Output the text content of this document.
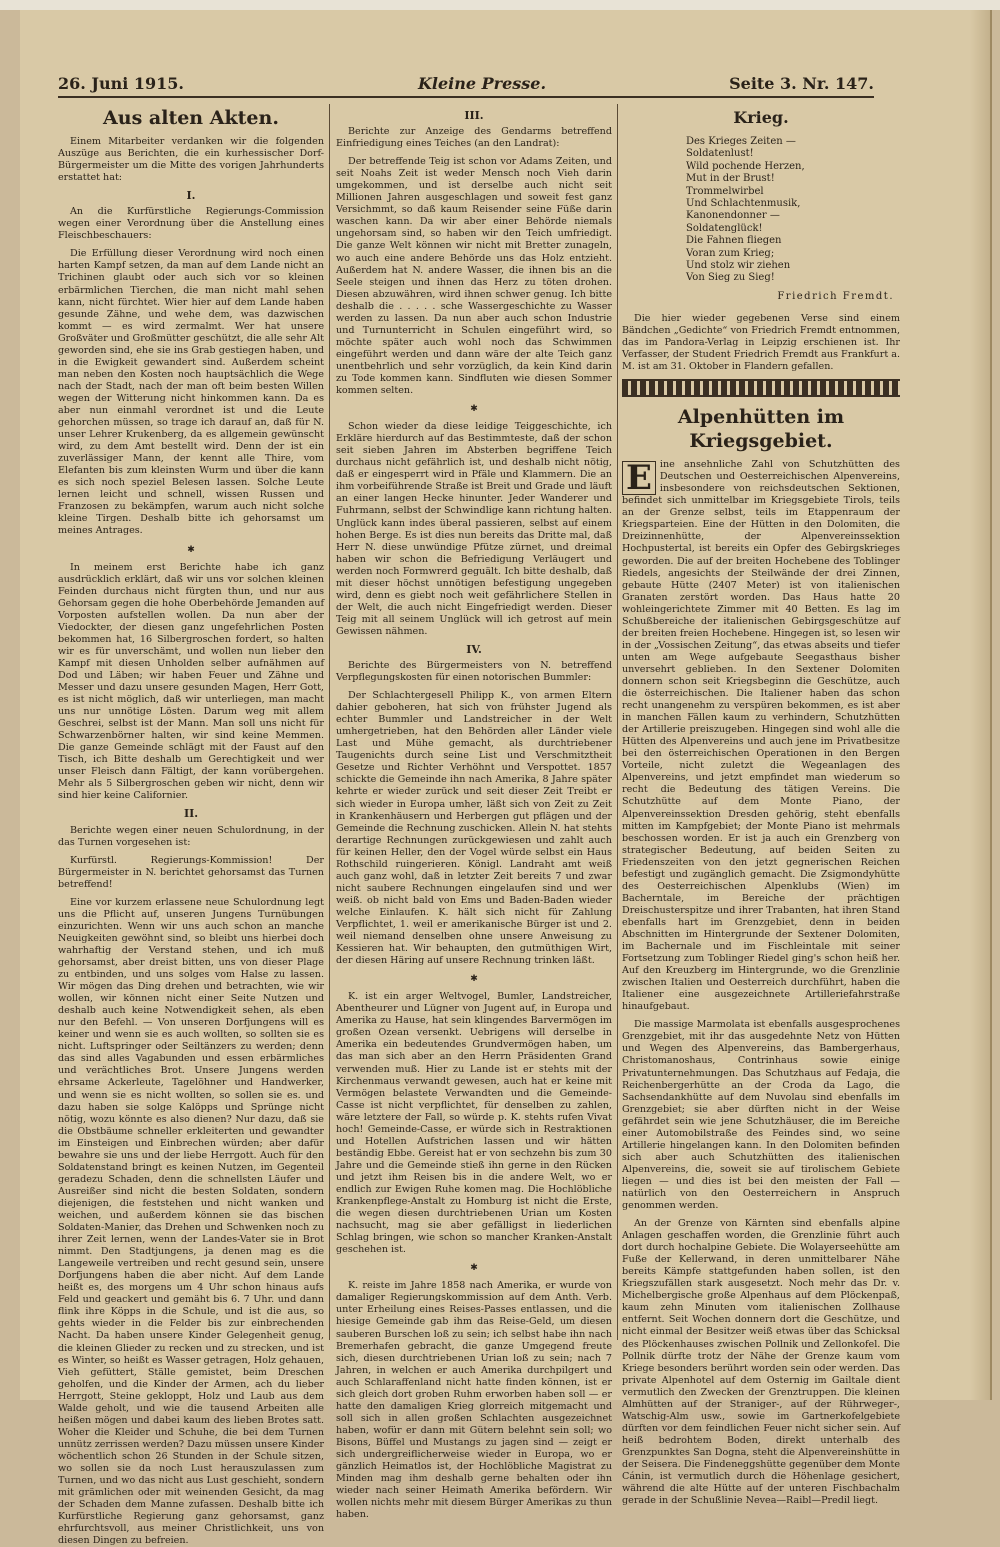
26. Juni 1915.	Kleine Presse.	Seite 3. Nr. 147.
Aus alten Akten.

Einem Mitarbeiter verdanken wir die folgenden Auszüge aus Berichten, die ein kurhessischer Dorf-Bürgermeister um die Mitte des vorigen Jahrhunderts erstattet hat:

I.

An die Kurfürstliche Regierungs-Commission wegen einer Verordnung über die Anstellung eines Fleischbeschauers:

Die Erfüllung dieser Verordnung wird noch einen harten Kampf setzen, da man auf dem Lande nicht an Trichinen glaubt oder auch sich vor so kleinen erbärmlichen Tierchen, die man nicht mahl sehen kann, nicht fürchtet. Wier hier auf dem Lande haben gesunde Zähne, und wehe dem, was dazwischen kommt — es wird zermalmt. Wer hat unsere Großväter und Großmütter geschützt, die alle sehr Alt geworden sind, ehe sie ins Grab gestiegen haben, und in die Ewigkeit gewandert sind. Außerdem scheint man neben den Kosten noch hauptsächlich die Wege nach der Stadt, nach der man oft beim besten Willen wegen der Witterung nicht hinkommen kann. Da es aber nun einmahl verordnet ist und die Leute gehorchen müssen, so trage ich darauf an, daß für N. unser Lehrer Krukenberg, da es allgemein gewünscht wird, zu dem Amt bestellt wird. Denn der ist ein zuverlässiger Mann, der kennt alle Thire, vom Elefanten bis zum kleinsten Wurm und über die kann es sich noch speziel Belesen lassen. Solche Leute lernen leicht und schnell, wissen Russen und Franzosen zu bekämpfen, warum auch nicht solche kleine Tirgen. Deshalb bitte ich gehorsamst um meines Antrages.

✱

In meinem erst Berichte habe ich ganz ausdrücklich erklärt, daß wir uns vor solchen kleinen Feinden durchaus nicht fürgten thun, und nur aus Gehorsam gegen die hohe Oberbehörde Jemanden auf Vorposten aufstellen wollen. Da nun aber der Viedockter, der diesen ganz ungefehrlichen Posten bekommen hat, 16 Silbergroschen fordert, so halten wir es für unverschämt, und wollen nun lieber den Kampf mit diesen Unholden selber aufnähmen auf Dod und Läben; wir haben Feuer und Zähne und Messer und dazu unsere gesunden Magen, Herr Gott, es ist nicht möglich, daß wir unterliegen, man macht uns nur unnötige Lösten. Darum weg mit allem Geschrei, selbst ist der Mann. Man soll uns nicht für Schwarzenbörner halten, wir sind keine Memmen. Die ganze Gemeinde schlägt mit der Faust auf den Tisch, ich Bitte deshalb um Gerechtigkeit und wer unser Fleisch dann Fältigt, der kann vorübergehen. Mehr als 5 Silbergroschen geben wir nicht, denn wir sind hier keine Californier.

II.

Berichte wegen einer neuen Schulordnung, in der das Turnen vorgesehen ist:

Kurfürstl. Regierungs-Kommission! Der Bürgermeister in N. berichtet gehorsamst das Turnen betreffend!

Eine vor kurzem erlassene neue Schulordnung legt uns die Pflicht auf, unseren Jungens Turnübungen einzurichten. Wenn wir uns auch schon an manche Neuigkeiten gewöhnt sind, so bleibt uns hierbei doch wahrhaftig der Verstand stehen, und ich muß gehorsamst, aber dreist bitten, uns von dieser Plage zu entbinden, und uns solges vom Halse zu lassen. Wir mögen das Ding drehen und betrachten, wie wir wollen, wir können nicht einer Seite Nutzen und deshalb auch keine Notwendigkeit sehen, als eben nur den Befehl. — Von unseren Dorfjungens will es keiner und wenn sie es auch wollten, so sollten sie es nicht. Luftspringer oder Seiltänzers zu werden; denn das sind alles Vagabunden und essen erbärmliches und verächtliches Brot. Unsere Jungens werden ehrsame Ackerleute, Tagelöhner und Handwerker, und wenn sie es nicht wollten, so sollen sie es. und dazu haben sie solge Kalöpps und Sprünge nicht nötig, wozu könnte es also dienen? Nur dazu, daß sie die Obstbäume schneller erkleiterten und gewandter im Einsteigen und Einbrechen würden; aber dafür bewahre sie uns und der liebe Herrgott. Auch für den Soldatenstand bringt es keinen Nutzen, im Gegenteil geradezu Schaden, denn die schnellsten Läufer und Ausreißer sind nicht die besten Soldaten, sondern diejenigen, die feststehen und nicht wanken und weichen, und außerdem können sie das bischen Soldaten-Manier, das Drehen und Schwenken noch zu ihrer Zeit lernen, wenn der Landes-Vater sie in Brot nimmt. Den Stadtjungens, ja denen mag es die Langeweile vertreiben und recht gesund sein, unsere Dorfjungens haben die aber nicht. Auf dem Lande heißt es, des morgens um 4 Uhr schon hinaus aufs Feld und geackert und gemäht bis 6. 7 Uhr. und dann flink ihre Köpps in die Schule, und ist die aus, so gehts wieder in die Felder bis zur einbrechenden Nacht. Da haben unsere Kinder Gelegenheit genug, die kleinen Glieder zu recken und zu strecken, und ist es Winter, so heißt es Wasser getragen, Holz gehauen, Vieh gefüttert, Ställe gemistet, beim Dreschen geholfen, und die Kinder der Armen, ach du lieber Herrgott, Steine gekloppt, Holz und Laub aus dem Walde geholt, und wie die tausend Arbeiten alle heißen mögen und dabei kaum des lieben Brotes satt. Woher die Kleider und Schuhe, die bei dem Turnen unnütz zerrissen werden? Dazu müssen unsere Kinder wöchentlich schon 26 Stunden in der Schule sitzen, wo sollen sie da noch Lust herauszulassen zum Turnen, und wo das nicht aus Lust geschieht, sondern mit grämlichen oder mit weinenden Gesicht, da mag der Schaden dem Manne zufassen. Deshalb bitte ich Kurfürstliche Regierung ganz gehorsamst, ganz ehrfurchtsvoll, aus meiner Christlichkeit, uns von diesen Dingen zu befreien.

III.

Berichte zur Anzeige des Gendarms betreffend Einfriedigung eines Teiches (an den Landrat):

Der betreffende Teig ist schon vor Adams Zeiten, und seit Noahs Zeit ist weder Mensch noch Vieh darin umgekommen, und ist derselbe auch nicht seit Millionen Jahren ausgeschlagen und soweit fest ganz Versichmmt, so daß kaum Reisender seine Füße darin waschen kann. Da wir aber einer Behörde niemals ungehorsam sind, so haben wir den Teich umfriedigt. Die ganze Welt können wir nicht mit Bretter zunageln, wo auch eine andere Behörde uns das Holz entzieht. Außerdem hat N. andere Wasser, die ihnen bis an die Seele steigen und ihnen das Herz zu töten drohen. Diesen abzuwähren, wird ihnen schwer genug. Ich bitte deshalb die . . . . . sche Wassergeschichte zu Wasser werden zu lassen. Da nun aber auch schon Industrie und Turnunterricht in Schulen eingeführt wird, so möchte später auch wohl noch das Schwimmen eingeführt werden und dann wäre der alte Teich ganz unentbehrlich und sehr vorzüglich, da kein Kind darin zu Tode kommen kann. Sindfluten wie diesen Sommer kommen selten.

✱

Schon wieder da diese leidige Teiggeschichte, ich Erkläre hierdurch auf das Bestimmteste, daß der schon seit sieben Jahren im Absterben begriffene Teich durchaus nicht gefährlich ist, und deshalb nicht nötig, daß er eingesperrt wird in Pfäle und Klammern. Die an ihm vorbeiführende Straße ist Breit und Grade und läuft an einer langen Hecke hinunter. Jeder Wanderer und Fuhrmann, selbst der Schwindlige kann richtung halten. Unglück kann indes überal passieren, selbst auf einem hohen Berge. Es ist dies nun bereits das Dritte mal, daß Herr N. diese unwündige Pfütze zürnet, und dreimal haben wir schon die Befriedigung Verläugert und werden noch Formwrerd geguält. Ich bitte deshalb, daß mit dieser höchst unnötigen befestigung ungegeben wird, denn es giebt noch weit gefährlichere Stellen in der Welt, die auch nicht Eingefriedigt werden. Dieser Teig mit all seinem Unglück will ich getrost auf mein Gewissen nähmen.

IV.

Berichte des Bürgermeisters von N. betreffend Verpflegungskosten für einen notorischen Bummler:

Der Schlachtergesell Philipp K., von armen Eltern dahier geboheren, hat sich von frühster Jugend als echter Bummler und Landstreicher in der Welt umhergetrieben, hat den Behörden aller Länder viele Last und Mühe gemacht, als durchtriebener Taugenichts durch seine List und Verschmitztheit Gesetze und Richter Verhöhnt und Verspottet. 1857 schickte die Gemeinde ihn nach Amerika, 8 Jahre später kehrte er wieder zurück und seit dieser Zeit Treibt er sich wieder in Europa umher, läßt sich von Zeit zu Zeit in Krankenhäusern und Herbergen gut pflägen und der Gemeinde die Rechnung zuschicken. Allein N. hat stehts derartige Rechnungen zurückgewiesen und zahlt auch für keinen Heller, den der Vogel würde selbst ein Haus Rothschild ruingerieren. Königl. Landraht amt weiß auch ganz wohl, daß in letzter Zeit bereits 7 und zwar nicht saubere Rechnungen eingelaufen sind und wer weiß. ob nicht bald von Ems und Baden-Baden wieder welche Einlaufen. K. hält sich nicht für Zahlung Verpflichtet, 1. weil er amerikanische Bürger ist und 2. weil niemand denselben ohne unsere Anweisung zu Kessieren hat. Wir behaupten, den gutmüthigen Wirt, der diesen Häring auf unsere Rechnung trinken läßt.

✱

K. ist ein arger Weltvogel, Bumler, Landstreicher, Abentheurer und Lügner von Jugent auf, in Europa und Amerika zu Hause, hat sein klingendes Barvermögen im großen Ozean versenkt. Uebrigens will derselbe in Amerika ein bedeutendes Grundvermögen haben, um das man sich aber an den Herrn Präsidenten Grand verwenden muß. Hier zu Lande ist er stehts mit der Kirchenmaus verwandt gewesen, auch hat er keine mit Vermögen belastete Verwandten und die Gemeinde-Casse ist nicht verpflichtet, für denselben zu zahlen, wäre letztere der Fall, so würde p. K. stehts rufen Vivat hoch! Gemeinde-Casse, er würde sich in Restraktionen und Hotellen Aufstrichen lassen und wir hätten beständig Ebbe. Gereist hat er von sechzehn bis zum 30 Jahre und die Gemeinde stieß ihn gerne in den Rücken und jetzt ihm Reisen bis in die andere Welt, wo er endlich zur Ewigen Ruhe komen mag. Die Hochlöbliche Krankenpflege-Anstalt zu Homburg ist nicht die Erste, die wegen diesen durchtriebenen Urian um Kosten nachsucht, mag sie aber gefälligst in liederlichen Schlag bringen, wie schon so mancher Kranken-Anstalt geschehen ist.

✱

K. reiste im Jahre 1858 nach Amerika, er wurde von damaliger Regierungskommission auf dem Anth. Verb. unter Erheilung eines Reises-Passes entlassen, und die hiesige Gemeinde gab ihm das Reise-Geld, um diesen sauberen Burschen loß zu sein; ich selbst habe ihn nach Bremerhafen gebracht, die ganze Umgegend freute sich, diesen durchtriebenen Urian loß zu sein; nach 7 Jahren, in welchen er auch Amerika durchpilgert und auch Schlaraffenland nicht hatte finden können, ist er sich gleich dort groben Ruhm erworben haben soll — er hatte den damaligen Krieg glorreich mitgemacht und soll sich in allen großen Schlachten ausgezeichnet haben, wofür er dann mit Gütern belehnt sein soll; wo Bisons, Büffel und Mustangs zu jagen sind — zeigt er sich undergreiflicherweise wieder in Europa, wo er gänzlich Heimatlos ist, der Hochlöbliche Magistrat zu Minden mag ihm deshalb gerne behalten oder ihn wieder nach seiner Heimath Amerika befördern. Wir wollen nichts mehr mit diesem Bürger Amerikas zu thun haben.

Krieg.
Des Krieges Zeiten —
Soldatenlust!
Wild pochende Herzen,
Mut in der Brust!
Trommelwirbel
Und Schlachtenmusik,
Kanonendonner —
Soldatenglück!
Die Fahnen fliegen
Voran zum Krieg;
Und stolz wir ziehen
Von Sieg zu Sieg!
Friedrich Fremdt.

Die hier wieder gegebenen Verse sind einem Bändchen „Gedichte“ von Friedrich Fremdt entnommen, das im Pandora-Verlag in Leipzig erschienen ist. Ihr Verfasser, der Student Friedrich Fremdt aus Frankfurt a. M. ist am 31. Oktober in Flandern gefallen.

Alpenhütten im Kriegsgebiet.

E ine ansehnliche Zahl von Schutzhütten des Deutschen und Oesterreichischen Alpenvereins, insbesondere von reichsdeutschen Sektionen, befindet sich unmittelbar im Kriegsgebiete Tirols, teils an der Grenze selbst, teils im Etappenraum der Kriegsparteien. Eine der Hütten in den Dolomiten, die Dreizinnenhütte, der Alpenvereinssektion Hochpustertal, ist bereits ein Opfer des Gebirgskrieges geworden. Die auf der breiten Hochebene des Toblinger Riedels, angesichts der Steilwände der drei Zinnen, gebaute Hütte (2407 Meter) ist von italienischen Granaten zerstört worden. Das Haus hatte 20 wohleingerichtete Zimmer mit 40 Betten. Es lag im Schußbereiche der italienischen Gebirgsgeschütze auf der breiten freien Hochebene. Hingegen ist, so lesen wir in der „Vossischen Zeitung“, das etwas abseits und tiefer unten am Wege aufgebaute Seegasthaus bisher unversehrt geblieben. In den Sextener Dolomiten donnern schon seit Kriegsbeginn die Geschütze, auch die österreichischen. Die Italiener haben das schon recht unangenehm zu verspüren bekommen, es ist aber in manchen Fällen kaum zu verhindern, Schutzhütten der Artillerie preiszugeben. Hingegen sind wohl alle die Hütten des Alpenvereins und auch jene im Privatbesitze bei den österreichischen Operationen in den Bergen Vorteile, nicht zuletzt die Wegeanlagen des Alpenvereins, und jetzt empfindet man wiederum so recht die Bedeutung des tätigen Vereins. Die Schutzhütte auf dem Monte Piano, der Alpenvereinssektion Dresden gehörig, steht ebenfalls mitten im Kampfgebiet; der Monte Piano ist mehrmals beschossen worden. Er ist ja auch ein Grenzberg von strategischer Bedeutung, auf beiden Seiten zu Friedenszeiten von den jetzt gegnerischen Reichen befestigt und zugänglich gemacht. Die Zsigmondyhütte des Oesterreichischen Alpenklubs (Wien) im Bacherntale, im Bereiche der prächtigen Dreischusterspitze und ihrer Trabanten, hat ihren Stand ebenfalls hart im Grenzgebiet, denn in beiden Abschnitten im Hintergrunde der Sextener Dolomiten, im Bachernale und im Fischleintale mit seiner Fortsetzung zum Toblinger Riedel ging's schon heiß her. Auf den Kreuzberg im Hintergrunde, wo die Grenzlinie zwischen Italien und Oesterreich durchführt, haben die Italiener eine ausgezeichnete Artilleriefahrstraße hinaufgebaut.

Die massige Marmolata ist ebenfalls ausgesprochenes Grenzgebiet, mit ihr das ausgedehnte Netz von Hütten und Wegen des Alpenvereins, das Bambergerhaus, Christomanoshaus, Contrinhaus sowie einige Privatunternehmungen. Das Schutzhaus auf Fedaja, die Reichenbergerhütte an der Croda da Lago, die Sachsendankhütte auf dem Nuvolau sind ebenfalls im Grenzgebiet; sie aber dürften nicht in der Weise gefährdet sein wie jene Schutzhäuser, die im Bereiche einer Automobilstraße des Feindes sind, wo seine Artillerie hingelangen kann. In den Dolomiten befinden sich aber auch Schutzhütten des italienischen Alpenvereins, die, soweit sie auf tirolischem Gebiete liegen — und dies ist bei den meisten der Fall — natürlich von den Oesterreichern in Anspruch genommen werden.

An der Grenze von Kärnten sind ebenfalls alpine Anlagen geschaffen worden, die Grenzlinie führt auch dort durch hochalpine Gebiete. Die Wolayerseehütte am Fuße der Kellerwand, in deren unmittelbarer Nähe bereits Kämpfe stattgefunden haben sollen, ist den Kriegszufällen stark ausgesetzt. Noch mehr das Dr. v. Michelbergische große Alpenhaus auf dem Plöckenpaß, kaum zehn Minuten vom italienischen Zollhause entfernt. Seit Wochen donnern dort die Geschütze, und nicht einmal der Besitzer weiß etwas über das Schicksal des Plöckenhauses zwischen Pollnik und Zellonkofel. Die Pollnik dürfte trotz der Nähe der Grenze kaum vom Kriege besonders berührt worden sein oder werden. Das private Alpenhotel auf dem Osternig im Gailtale dient vermutlich den Zwecken der Grenztruppen. Die kleinen Almhütten auf der Straniger-, auf der Rührweger-, Watschig-Alm usw., sowie im Gartnerkofelgebiete dürften vor dem feindlichen Feuer nicht sicher sein. Auf heiß bedrohtem Boden, direkt unterhalb des Grenzpunktes San Dogna, steht die Alpenvereinshütte in der Seisera. Die Findeneggshütte gegenüber dem Monte Cánin, ist vermutlich durch die Höhenlage gesichert, während die alte Hütte auf der unteren Fischbachalm gerade in der Schußlinie Nevea—Raibl—Predil liegt.
